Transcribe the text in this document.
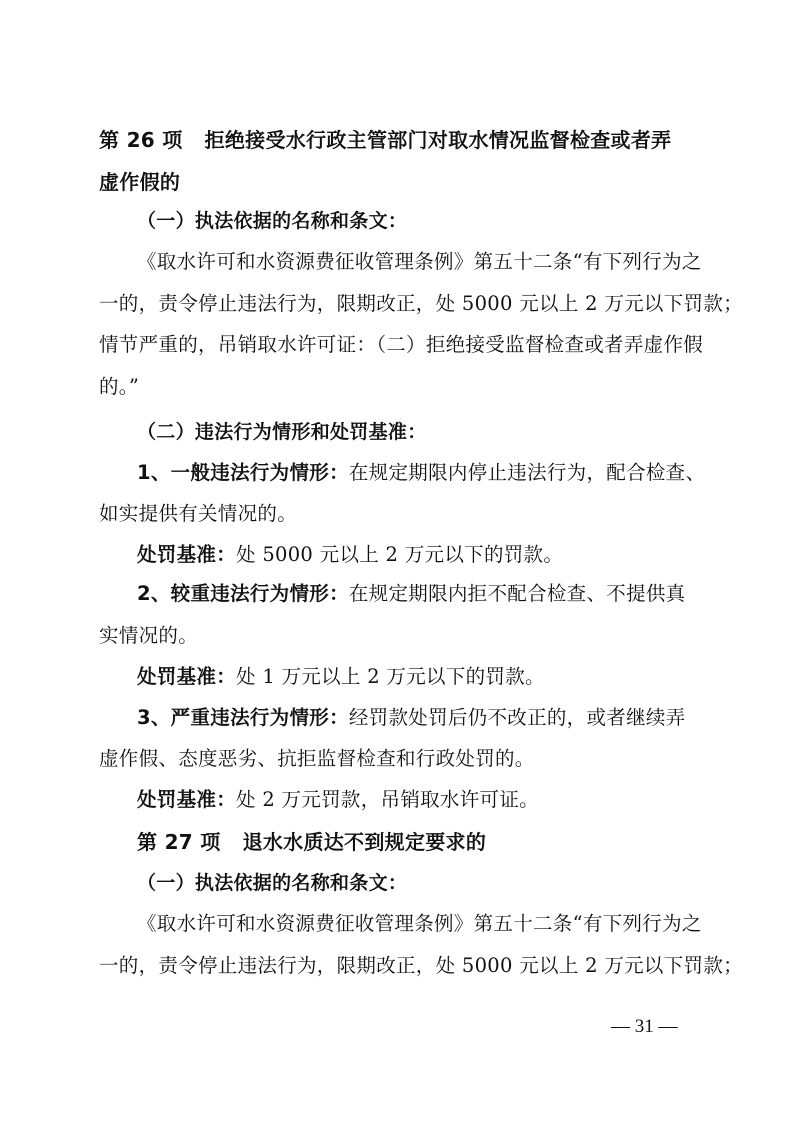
第 26 项 拒绝接受水行政主管部门对取水情况监督检查或者弄
虚作假的
（一）执法依据的名称和条文：
《取水许可和水资源费征收管理条例》第五十二条“有下列行为之
一的，责令停止违法行为，限期改正，处 5000 元以上 2 万元以下罚款；
情节严重的，吊销取水许可证：（二）拒绝接受监督检查或者弄虚作假
的。”
（二）违法行为情形和处罚基准：
1、一般违法行为情形：在规定期限内停止违法行为，配合检查、
如实提供有关情况的。
处罚基准：处 5000 元以上 2 万元以下的罚款。
2、较重违法行为情形：在规定期限内拒不配合检查、不提供真
实情况的。
处罚基准：处 1 万元以上 2 万元以下的罚款。
3、严重违法行为情形：经罚款处罚后仍不改正的，或者继续弄
虚作假、态度恶劣、抗拒监督检查和行政处罚的。
处罚基准：处 2 万元罚款，吊销取水许可证。
第 27 项 退水水质达不到规定要求的
（一）执法依据的名称和条文：
《取水许可和水资源费征收管理条例》第五十二条“有下列行为之
一的，责令停止违法行为，限期改正，处 5000 元以上 2 万元以下罚款；
— 31 —
